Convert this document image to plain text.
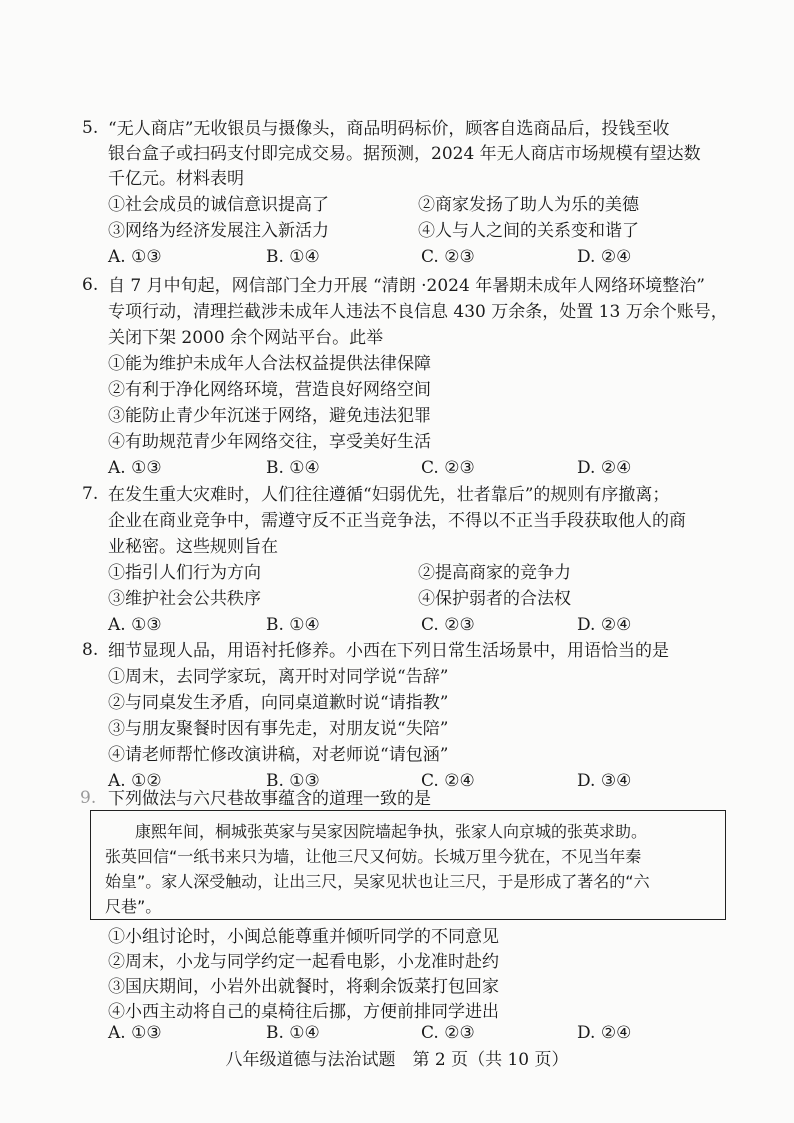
5. “无人商店”无收银员与摄像头，商品明码标价，顾客自选商品后，投钱至收
银台盒子或扫码支付即完成交易。据预测，2024 年无人商店市场规模有望达数
千亿元。材料表明
①社会成员的诚信意识提高了	②商家发扬了助人为乐的美德
③网络为经济发展注入新活力	④人与人之间的关系变和谐了
A. ①③	B. ①④	C. ②③	D. ②④
6. 自 7 月中旬起，网信部门全力开展 “清朗 ·2024 年暑期未成年人网络环境整治”
专项行动，清理拦截涉未成年人违法不良信息 430 万余条，处置 13 万余个账号，
关闭下架 2000 余个网站平台。此举
①能为维护未成年人合法权益提供法律保障
②有利于净化网络环境，营造良好网络空间
③能防止青少年沉迷于网络，避免违法犯罪
④有助规范青少年网络交往，享受美好生活
A. ①③	B. ①④	C. ②③	D. ②④
7. 在发生重大灾难时，人们往往遵循“妇弱优先，壮者靠后”的规则有序撤离；
企业在商业竞争中，需遵守反不正当竞争法，不得以不正当手段获取他人的商
业秘密。这些规则旨在
①指引人们行为方向	②提高商家的竞争力
③维护社会公共秩序	④保护弱者的合法权
A. ①③	B. ①④	C. ②③	D. ②④
8. 细节显现人品，用语衬托修养。小西在下列日常生活场景中，用语恰当的是
①周末，去同学家玩，离开时对同学说“告辞”
②与同桌发生矛盾，向同桌道歉时说“请指教”
③与朋友聚餐时因有事先走，对朋友说“失陪”
④请老师帮忙修改演讲稿，对老师说“请包涵”
A. ①②	B. ①③	C. ②④	D. ③④
9. 下列做法与六尺巷故事蕴含的道理一致的是
康熙年间，桐城张英家与吴家因院墙起争执，张家人向京城的张英求助。
张英回信“一纸书来只为墙，让他三尺又何妨。长城万里今犹在，不见当年秦
始皇”。家人深受触动，让出三尺，吴家见状也让三尺，于是形成了著名的“六
尺巷”。
①小组讨论时，小闽总能尊重并倾听同学的不同意见
②周末，小龙与同学约定一起看电影，小龙准时赴约
③国庆期间，小岩外出就餐时，将剩余饭菜打包回家
④小西主动将自己的桌椅往后挪，方便前排同学进出
A. ①③	B. ①④	C. ②③	D. ②④
八年级道德与法治试题　第 2 页（共 10 页）
